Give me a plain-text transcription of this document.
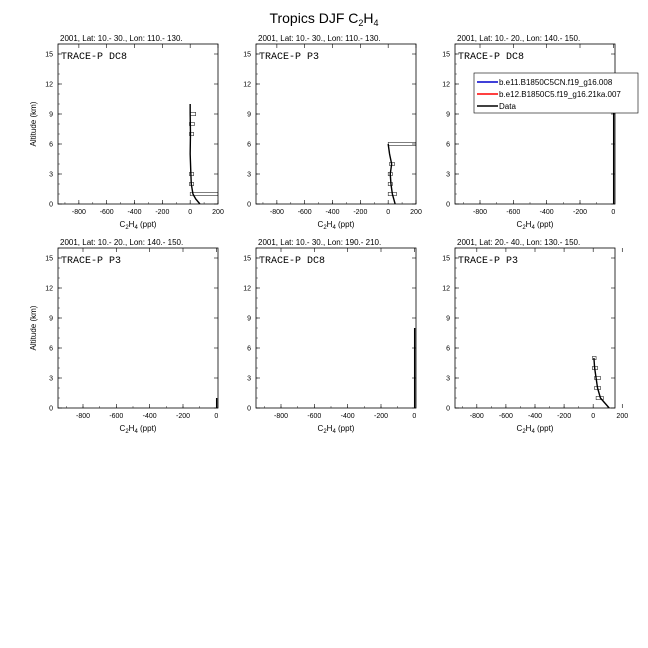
Tropics DJF $C_2H_4$
2001, Lat: 10.- 30., Lon: 110.- 130.
-800 -600 -400 -200	0	200
0
3
6
9
12
15
$C_2H_4$ (ppt)
Altitude (km)
TRACE-P DC8
2001, Lat: 10.- 30., Lon: 110.- 130.
-800 -600 -400 -200	0	200
0
3
6
9
12
15
$C_2H_4$ (ppt)
TRACE-P P3
2001, Lat: 10.- 20., Lon: 140.- 150.
-800	-600	-400	-200	0
0
3
6
9
12
15
$C_2H_4$ (ppt)
TRACE-P DC8
2001, Lat: 10.- 20., Lon: 140.- 150.
-800	-600	-400	-200	0
0
3
6
9
12
15
$C_2H_4$ (ppt)
Altitude (km)
TRACE-P P3
2001, Lat: 10.- 30., Lon: 190.- 210.
-800	-600	-400	-200	0
0
3
6
9
12
15
$C_2H_4$ (ppt)
TRACE-P DC8
2001, Lat: 20.- 40., Lon: 130.- 150.
-800 -600 -400 -200	0	200
0
3
6
9
12
15
$C_2H_4$ (ppt)
TRACE-P P3
b.e11.B1850C5CN.f19_g16.008
b.e12.B1850C5.f19_g16.21ka.007
Data
